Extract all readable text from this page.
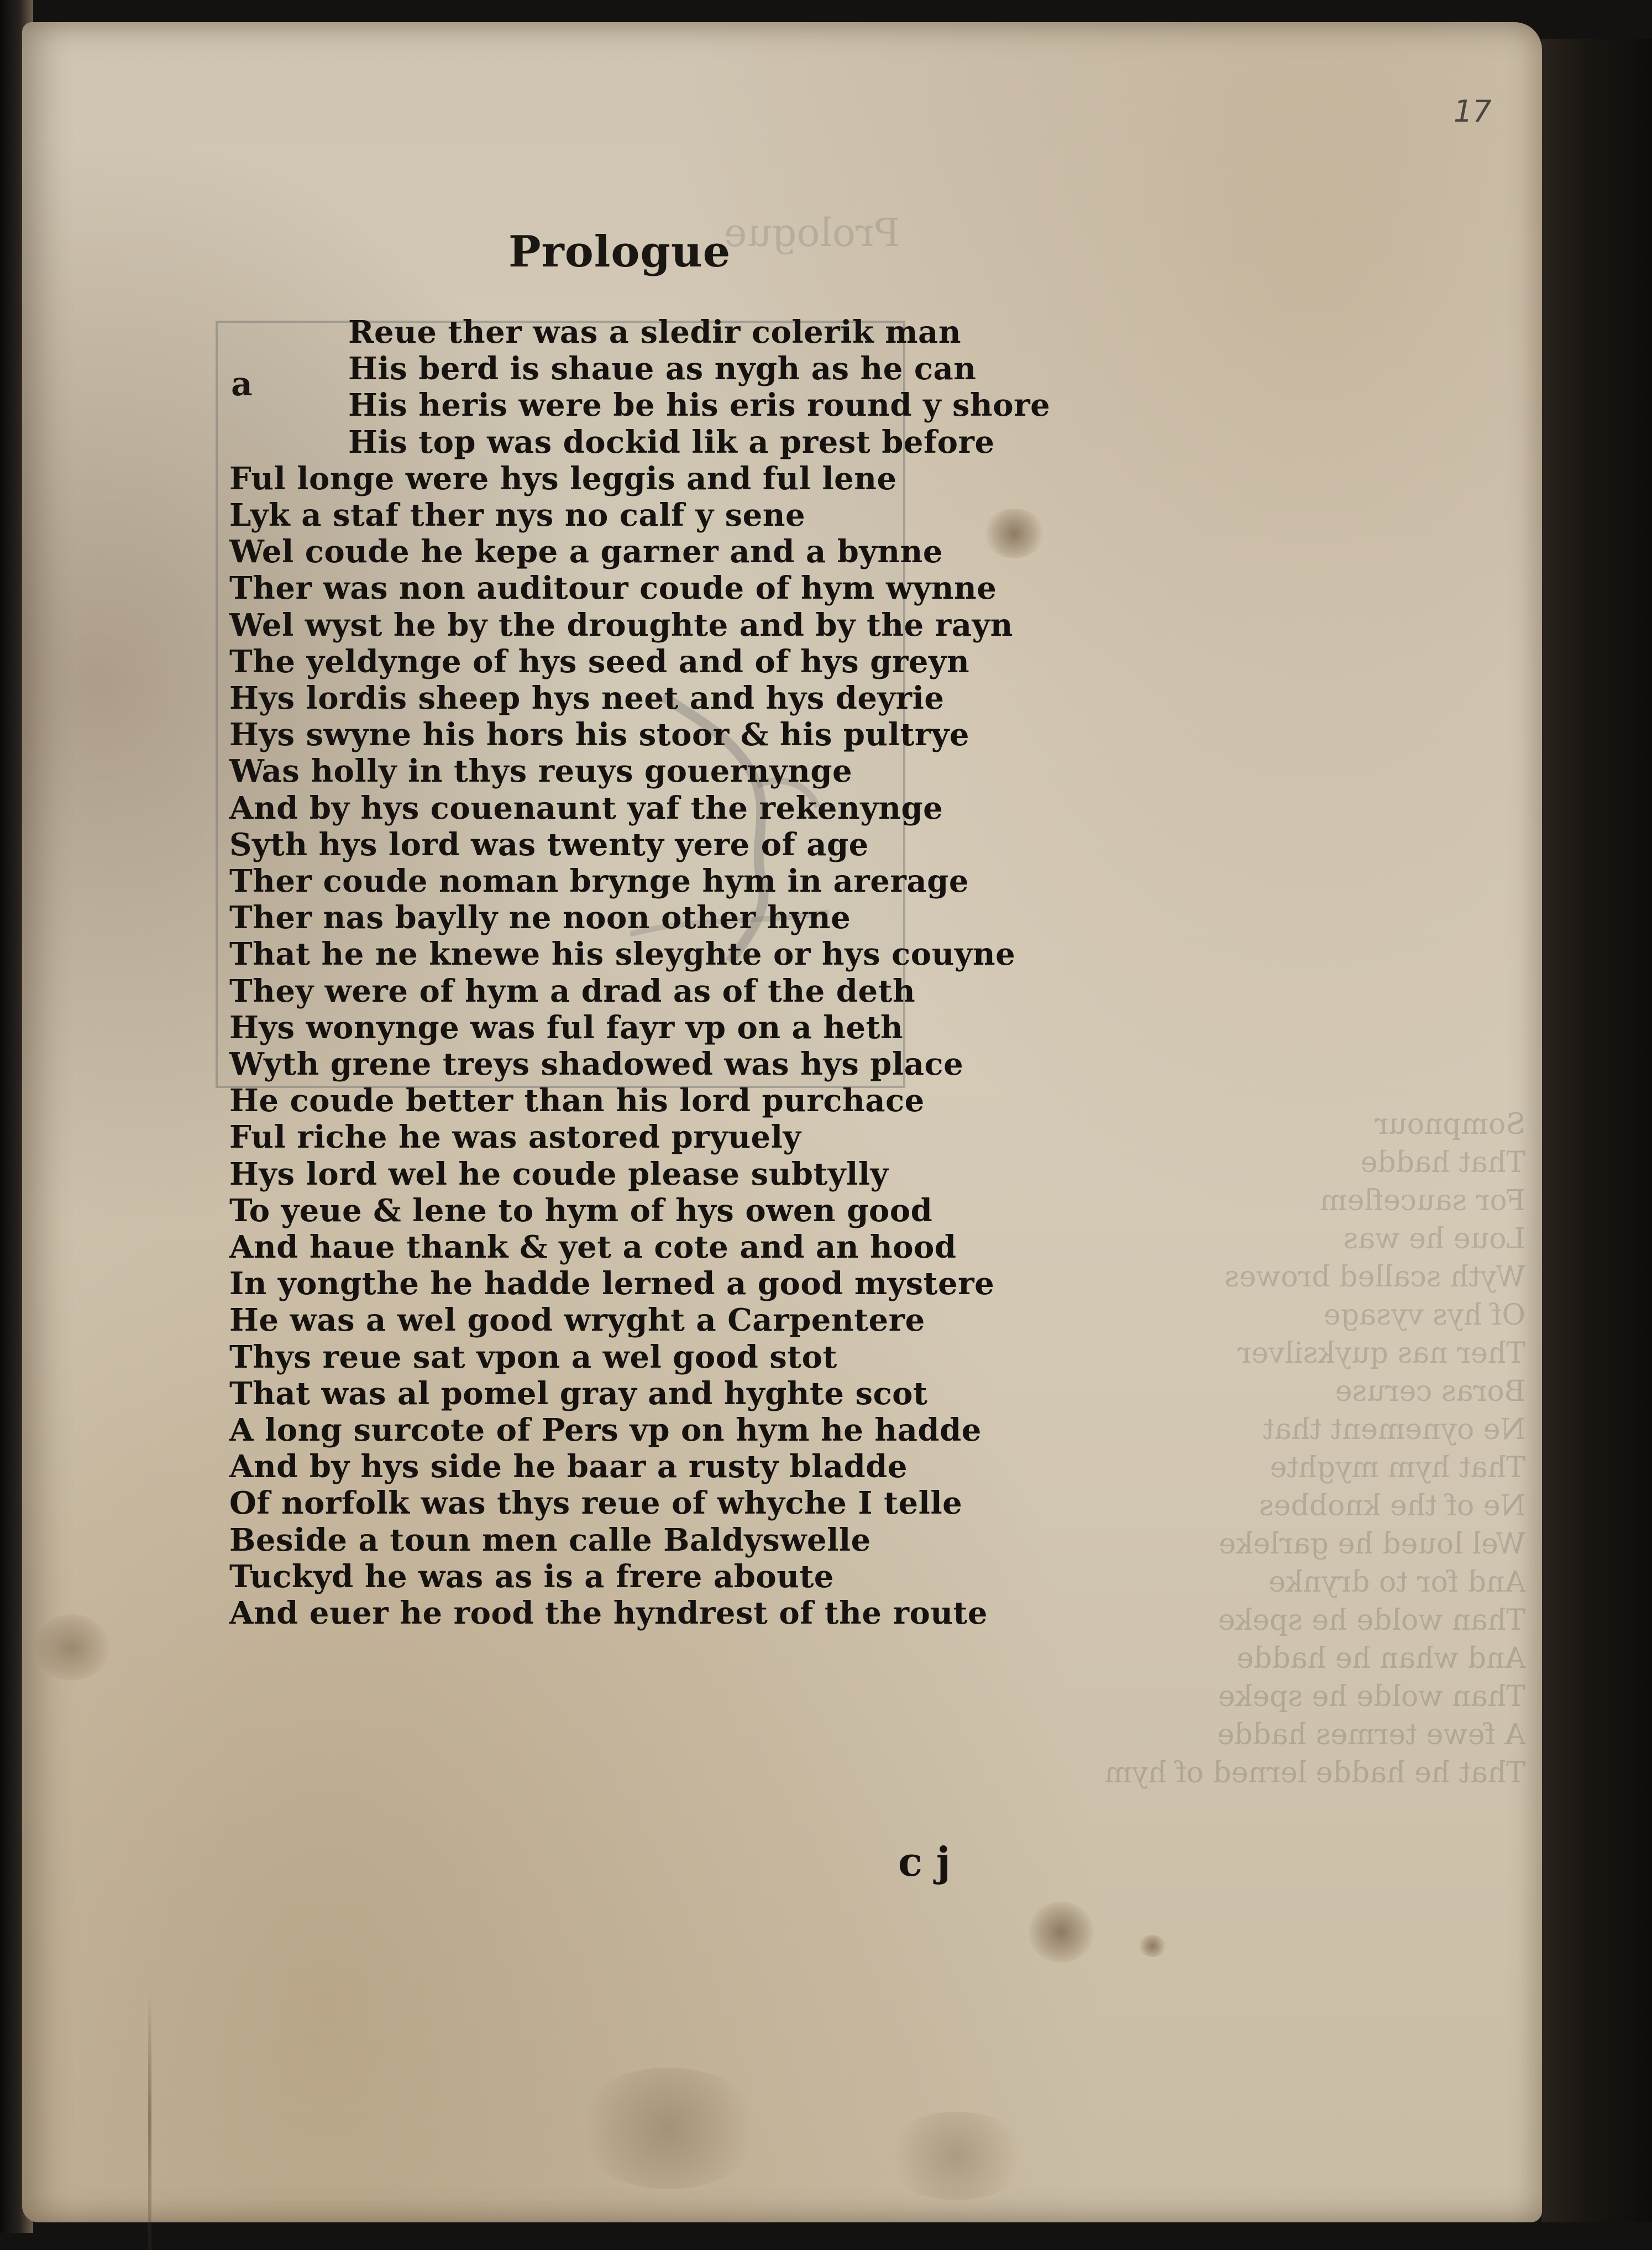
Prologue
Sompnour
That hadde
For sauceflem
Loue he was
Wyth scalled browes
Of hys vysage
Ther nas quyksilver
Boras ceruse
Ne oynement that
That hym myghte
Ne of the knobbes
Wel loued he garleke
And for to drynke
Than wolde he speke
And whan he hadde
Than wolde he speke
A fewe termes hadde
That he hadde lerned of hym
17
Prologue
a
Reue ther was a sledir colerik man
His berd is shaue as nygh as he can
His heris were be his eris round y shore
His top was dockid lik a prest before
Ful longe were hys leggis and ful lene
Lyk a staf ther nys no calf y sene
Wel coude he kepe a garner and a bynne
Ther was non auditour coude of hym wynne
Wel wyst he by the droughte and by the rayn
The yeldynge of hys seed and of hys greyn
Hys lordis sheep hys neet and hys deyrie
Hys swyne his hors his stoor & his pultrye
Was holly in thys reuys gouernynge
And by hys couenaunt yaf the rekenynge
Syth hys lord was twenty yere of age
Ther coude noman brynge hym in arerage
Ther nas baylly ne noon other hyne
That he ne knewe his sleyghte or hys couyne
They were of hym a drad as of the deth
Hys wonynge was ful fayr vp on a heth
Wyth grene treys shadowed was hys place
He coude better than his lord purchace
Ful riche he was astored pryuely
Hys lord wel he coude please subtylly
To yeue & lene to hym of hys owen good
And haue thank & yet a cote and an hood
In yongthe he hadde lerned a good mystere
He was a wel good wryght a Carpentere
Thys reue sat vpon a wel good stot
That was al pomel gray and hyghte scot
A long surcote of Pers vp on hym he hadde
And by hys side he baar a rusty bladde
Of norfolk was thys reue of whyche I telle
Beside a toun men calle Baldyswelle
Tuckyd he was as is a frere aboute
And euer he rood the hyndrest of the route
c j
